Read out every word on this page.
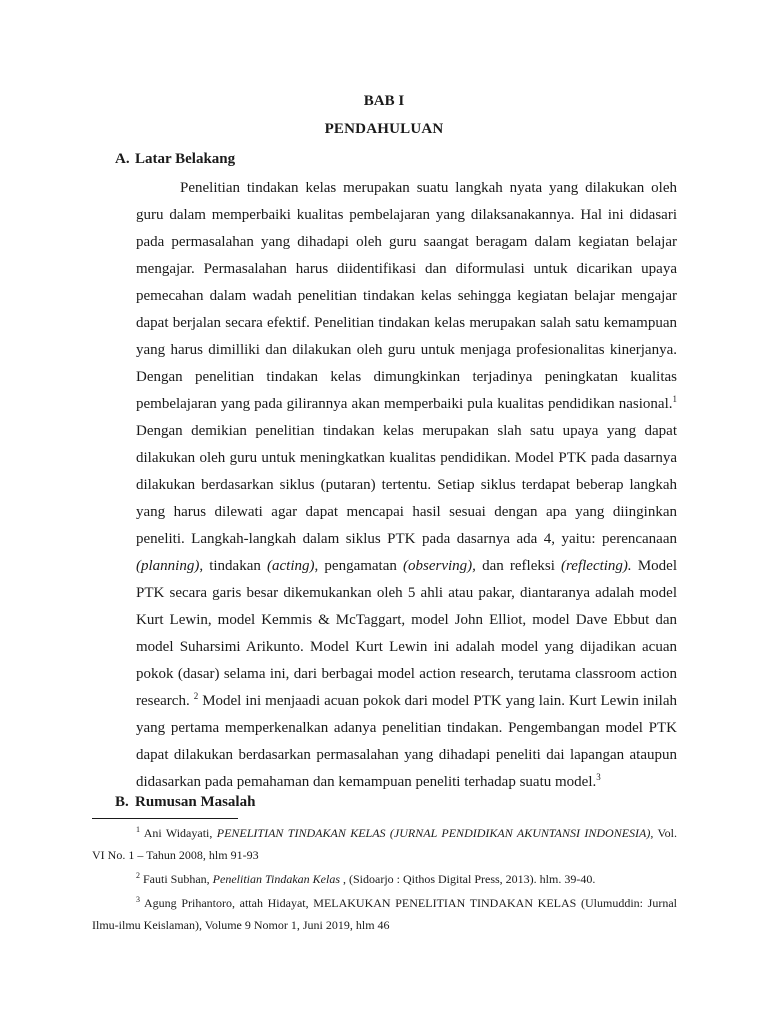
BAB I
PENDAHULUAN
A. Latar Belakang
Penelitian tindakan kelas merupakan suatu langkah nyata yang dilakukan oleh guru dalam memperbaiki kualitas pembelajaran yang dilaksanakannya. Hal ini didasari pada permasalahan yang dihadapi oleh guru saangat beragam dalam kegiatan belajar mengajar. Permasalahan harus diidentifikasi dan diformulasi untuk dicarikan upaya pemecahan dalam wadah penelitian tindakan kelas sehingga kegiatan belajar mengajar dapat berjalan secara efektif. Penelitian tindakan kelas merupakan salah satu kemampuan yang harus dimilliki dan dilakukan oleh guru untuk menjaga profesionalitas kinerjanya. Dengan penelitian tindakan kelas dimungkinkan terjadinya peningkatan kualitas pembelajaran yang pada gilirannya akan memperbaiki pula kualitas pendidikan nasional.$^1$ Dengan demikian penelitian tindakan kelas merupakan slah satu upaya yang dapat dilakukan oleh guru untuk meningkatkan kualitas pendidikan. Model PTK pada dasarnya dilakukan berdasarkan siklus (putaran) tertentu. Setiap siklus terdapat beberap langkah yang harus dilewati agar dapat mencapai hasil sesuai dengan apa yang diinginkan peneliti. Langkah-langkah dalam siklus PTK pada dasarnya ada 4, yaitu: perencanaan (planning), tindakan (acting), pengamatan (observing), dan refleksi (reflecting). Model PTK secara garis besar dikemukankan oleh 5 ahli atau pakar, diantaranya adalah model Kurt Lewin, model Kemmis & McTaggart, model John Elliot, model Dave Ebbut dan model Suharsimi Arikunto. Model Kurt Lewin ini adalah model yang dijadikan acuan pokok (dasar) selama ini, dari berbagai model action research, terutama classroom action research. $^2$ Model ini menjaadi acuan pokok dari model PTK yang lain. Kurt Lewin inilah yang pertama memperkenalkan adanya penelitian tindakan. Pengembangan model PTK dapat dilakukan berdasarkan permasalahan yang dihadapi peneliti dai lapangan ataupun didasarkan pada pemahaman dan kemampuan peneliti terhadap suatu model.$^3$
B. Rumusan Masalah

$^1$ Ani Widayati, PENELITIAN TINDAKAN KELAS (JURNAL PENDIDIKAN AKUNTANSI INDONESIA), Vol. VI No. 1 – Tahun 2008, hlm 91-93

$^2$ Fauti Subhan, Penelitian Tindakan Kelas , (Sidoarjo : Qithos Digital Press, 2013). hlm. 39-40.

$^3$ Agung Prihantoro, attah Hidayat, MELAKUKAN PENELITIAN TINDAKAN KELAS (Ulumuddin: Jurnal Ilmu-ilmu Keislaman), Volume 9 Nomor 1, Juni 2019, hlm 46
